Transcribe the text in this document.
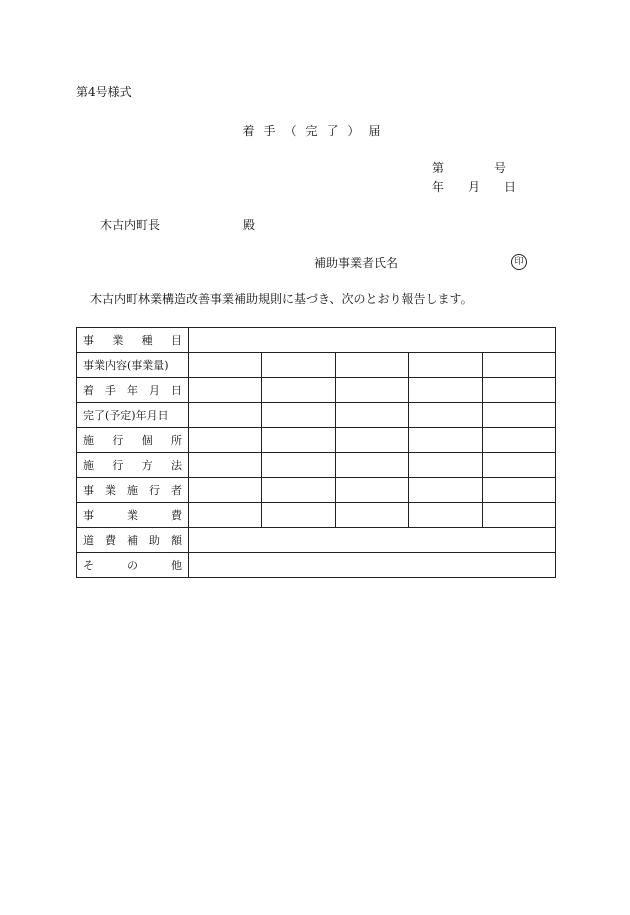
第4号様式
着 手 （ 完 了 ） 届
第	号
年 月 日
木古内町長	殿
補助事業者氏名	印
木古内町林業構造改善事業補助規則に基づき、次のとおり報告します。
事 業 種 目					

事業内容(事業量)					

着 手 年 月 日					

完了(予定)年月日					

施 行 個 所					

施 行 方 法					

事 業 施 行 者					

事 業 費					

道 費 補 助 額					

そ の 他					
